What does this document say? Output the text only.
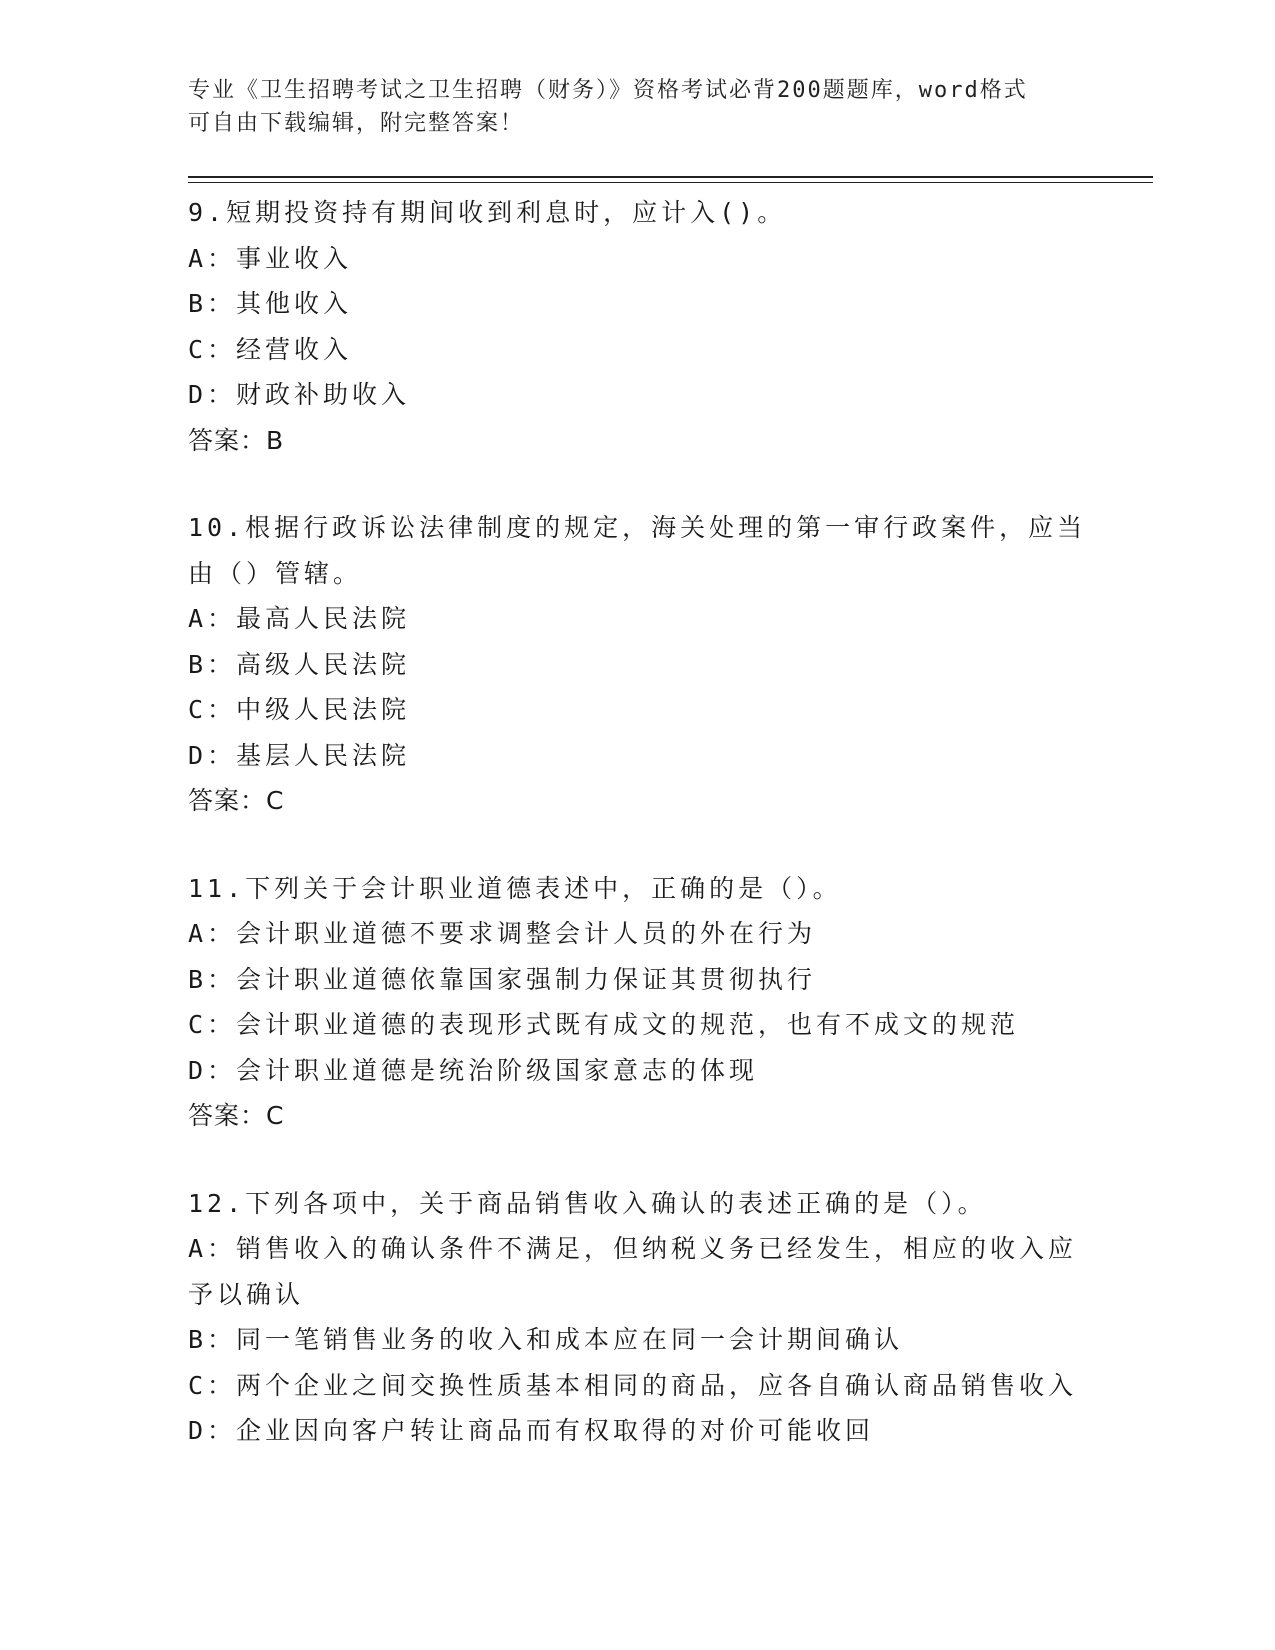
专业《卫生招聘考试之卫生招聘（财务）》资格考试必背200题题库，word格式
可自由下载编辑，附完整答案！
9.短期投资持有期间收到利息时，应计入()。
A：事业收入
B：其他收入
C：经营收入
D：财政补助收入
答案：B
10.根据行政诉讼法律制度的规定，海关处理的第一审行政案件，应当由（）管辖。
A：最高人民法院
B：高级人民法院
C：中级人民法院
D：基层人民法院
答案：C
11.下列关于会计职业道德表述中，正确的是（）。
A：会计职业道德不要求调整会计人员的外在行为
B：会计职业道德依靠国家强制力保证其贯彻执行
C：会计职业道德的表现形式既有成文的规范，也有不成文的规范
D：会计职业道德是统治阶级国家意志的体现
答案：C
12.下列各项中，关于商品销售收入确认的表述正确的是（）。
A：销售收入的确认条件不满足，但纳税义务已经发生，相应的收入应予以确认
B：同一笔销售业务的收入和成本应在同一会计期间确认
C：两个企业之间交换性质基本相同的商品，应各自确认商品销售收入
D：企业因向客户转让商品而有权取得的对价可能收回
